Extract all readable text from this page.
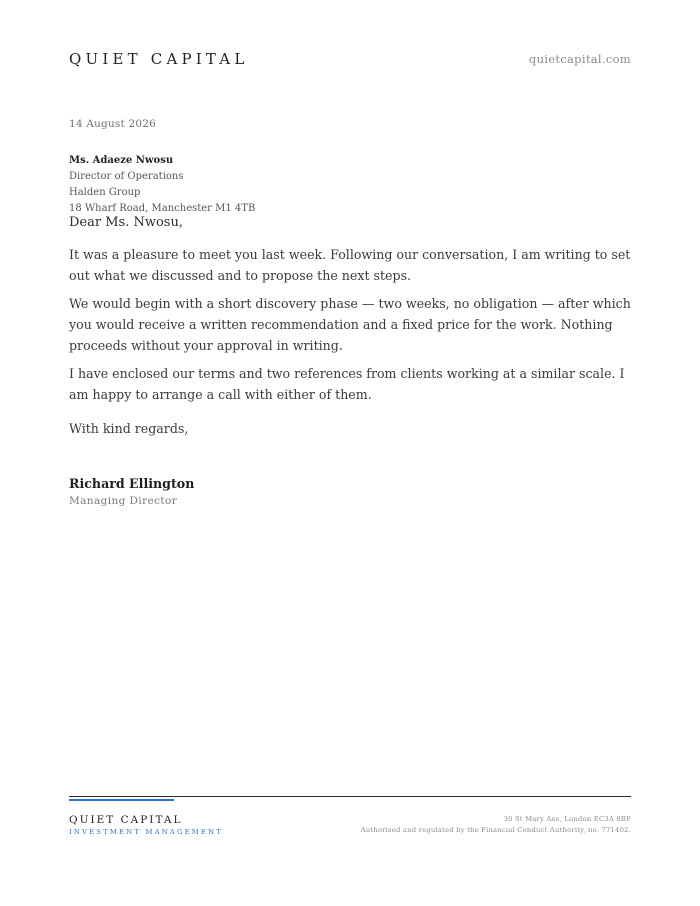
QUIET CAPITAL	quietcapital.com
14 August 2026
Ms. Adaeze Nwosu
Director of Operations
Halden Group
18 Wharf Road, Manchester M1 4TB
Dear Ms. Nwosu,

It was a pleasure to meet you last week. Following our conversation, I am writing to set out what we discussed and to propose the next steps.

We would begin with a short discovery phase — two weeks, no obligation — after which you would receive a written recommendation and a fixed price for the work. Nothing proceeds without your approval in writing.

I have enclosed our terms and two references from clients working at a similar scale. I am happy to arrange a call with either of them.

With kind regards,
Richard Ellington
Managing Director
QUIET CAPITAL
INVESTMENT MANAGEMENT
30 St Mary Axe, London EC3A 8BF
Authorised and regulated by the Financial Conduct Authority, no. 771402.
